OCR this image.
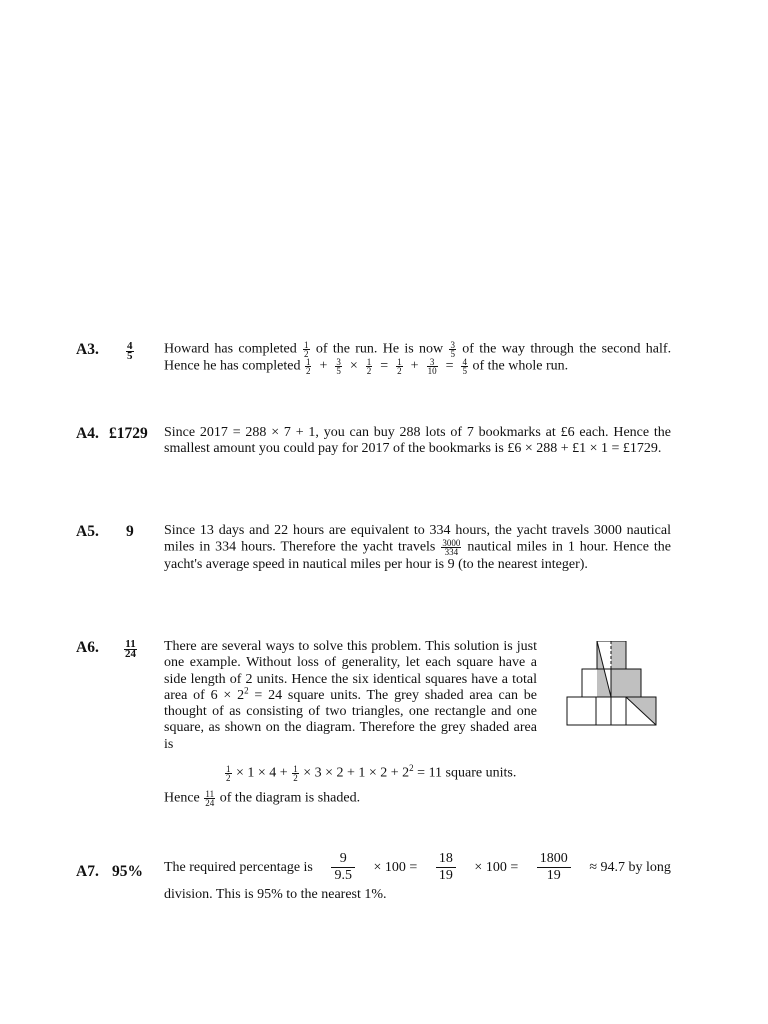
A3. $\frac{4}{5}$ Howard has completed $\frac{1}{2}$ of the run. He is now $\frac{3}{5}$ of the way through the second half. Hence he has completed $\frac{1}{2} + \frac{3}{5} \times \frac{1}{2} = \frac{1}{2} + \frac{3}{10} = \frac{4}{5}$ of the whole run.
A4. £1729 Since 2017 = 288 × 7 + 1, you can buy 288 lots of 7 bookmarks at £6 each. Hence the smallest amount you could pay for 2017 of the bookmarks is £6 × 288 + £1 × 1 = £1729.
A5. 9 Since 13 days and 22 hours are equivalent to 334 hours, the yacht travels 3000 nautical miles in 334 hours. Therefore the yacht travels $\frac{3000}{334}$ nautical miles in 1 hour. Hence the yacht's average speed in nautical miles per hour is 9 (to the nearest integer).
A6. $\frac{11}{24}$ There are several ways to solve this problem. This solution is just one example. Without loss of generality, let each square have a side length of 2 units. Hence the six identical squares have a total area of $6 \times 2^2 = 24$ square units. The grey shaded area can be thought of as consisting of two triangles, one rectangle and one square, as shown on the diagram. Therefore the grey shaded area is
$\frac{1}{2} \times 1 \times 4 + \frac{1}{2} \times 3 \times 2 + 1 \times 2 + 2^2 = 11$ square units.
Hence $\frac{11}{24}$ of the diagram is shaded.
A7. 95% The required percentage is $\frac{9}{9.5} \times 100 = \frac{18}{19} \times 100 = \frac{1800}{19} \approx 94.7$ by long
division. This is 95% to the nearest 1%.
